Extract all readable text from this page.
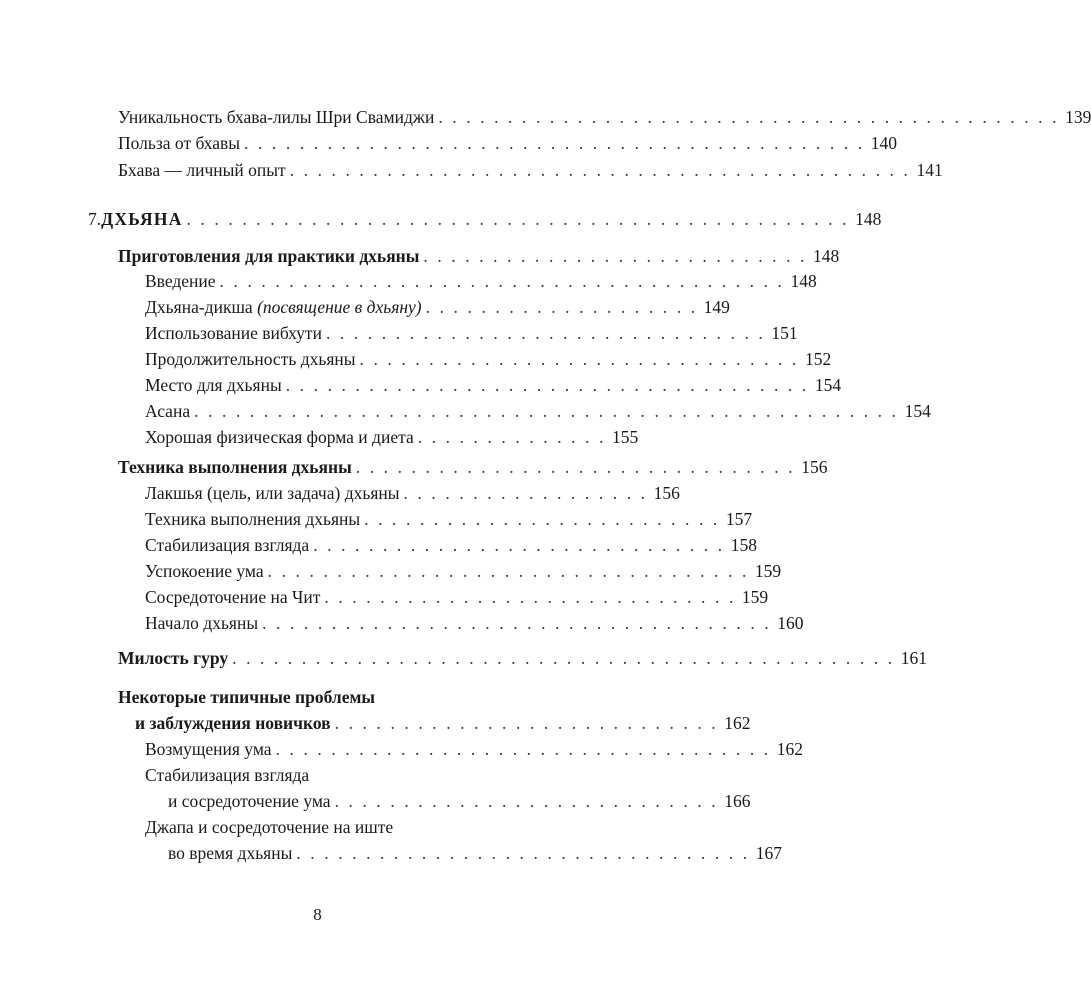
Уникальность бхава-лилы Шри Свамиджи . . . . . . . . . . . . . . . . . . . . . . . . . . . . . . . . . . . . . . . . . . . . . 139
Польза от бхавы . . . . . . . . . . . . . . . . . . . . . . . . . . . . . . . . . . . . . . . . . . . . . 140
Бхава — личный опыт . . . . . . . . . . . . . . . . . . . . . . . . . . . . . . . . . . . . . . . . . . . . . 141
7. ДХЬЯНА . . . . . . . . . . . . . . . . . . . . . . . . . . . . . . . . . . . . . . . . . . . . . . . . 148
Приготовления для практики дхьяны . . . . . . . . . . . . . . . . . . . . . . . . . . . . 148
Введение . . . . . . . . . . . . . . . . . . . . . . . . . . . . . . . . . . . . . . . . . 148
Дхьяна-дикша (посвящение в дхьяну) . . . . . . . . . . . . . . . . . . . . 149
Использование вибхути . . . . . . . . . . . . . . . . . . . . . . . . . . . . . . . . 151
Продолжительность дхьяны . . . . . . . . . . . . . . . . . . . . . . . . . . . . . . . . 152
Место для дхьяны . . . . . . . . . . . . . . . . . . . . . . . . . . . . . . . . . . . . . . 154
Асана . . . . . . . . . . . . . . . . . . . . . . . . . . . . . . . . . . . . . . . . . . . . . . . . . . . 154
Хорошая физическая форма и диета . . . . . . . . . . . . . . 155
Техника выполнения дхьяны . . . . . . . . . . . . . . . . . . . . . . . . . . . . . . . . 156
Лакшья (цель, или задача) дхьяны . . . . . . . . . . . . . . . . . . 156
Техника выполнения дхьяны . . . . . . . . . . . . . . . . . . . . . . . . . . 157
Стабилизация взгляда . . . . . . . . . . . . . . . . . . . . . . . . . . . . . . 158
Успокоение ума . . . . . . . . . . . . . . . . . . . . . . . . . . . . . . . . . . . 159
Сосредоточение на Чит . . . . . . . . . . . . . . . . . . . . . . . . . . . . . . 159
Начало дхьяны . . . . . . . . . . . . . . . . . . . . . . . . . . . . . . . . . . . . . 160
Милость гуру . . . . . . . . . . . . . . . . . . . . . . . . . . . . . . . . . . . . . . . . . . . . . . . . 161
Некоторые типичные проблемы
и заблуждения новичков . . . . . . . . . . . . . . . . . . . . . . . . . . . . 162
Возмущения ума . . . . . . . . . . . . . . . . . . . . . . . . . . . . . . . . . . . . 162
Стабилизация взгляда
и сосредоточение ума . . . . . . . . . . . . . . . . . . . . . . . . . . . . 166
Джапа и сосредоточение на иште
во время дхьяны . . . . . . . . . . . . . . . . . . . . . . . . . . . . . . . . . 167
8
